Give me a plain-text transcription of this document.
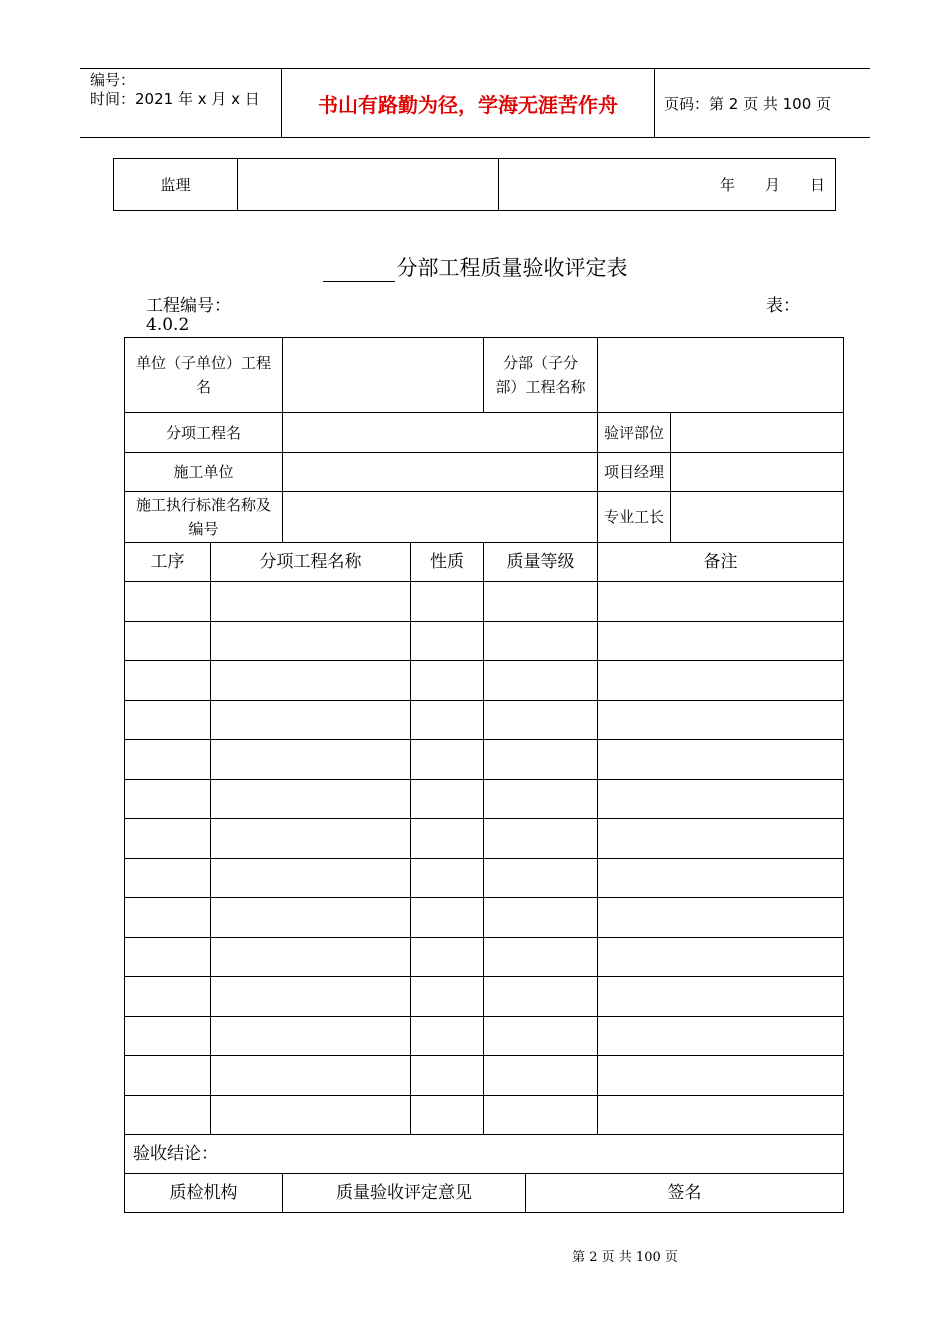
编号：
时间：2021 年 x 月 x 日	书山有路勤为径，学海无涯苦作舟	页码：第 2 页 共 100 页
监理		年　　月　　日
分部工程质量验收评定表
工程编号：	表：
4.0.2
单位（子单位）工程名				分部（子分部）工程名称			
分项工程名						验评部位	
施工单位						项目经理	
施工执行标准名称及编号						专业工长	
工序	分项工程名称		性质	质量等级		备注	

验收结论：							
质检机构		质量验收评定意见			签名		
第 2 页 共 100 页
